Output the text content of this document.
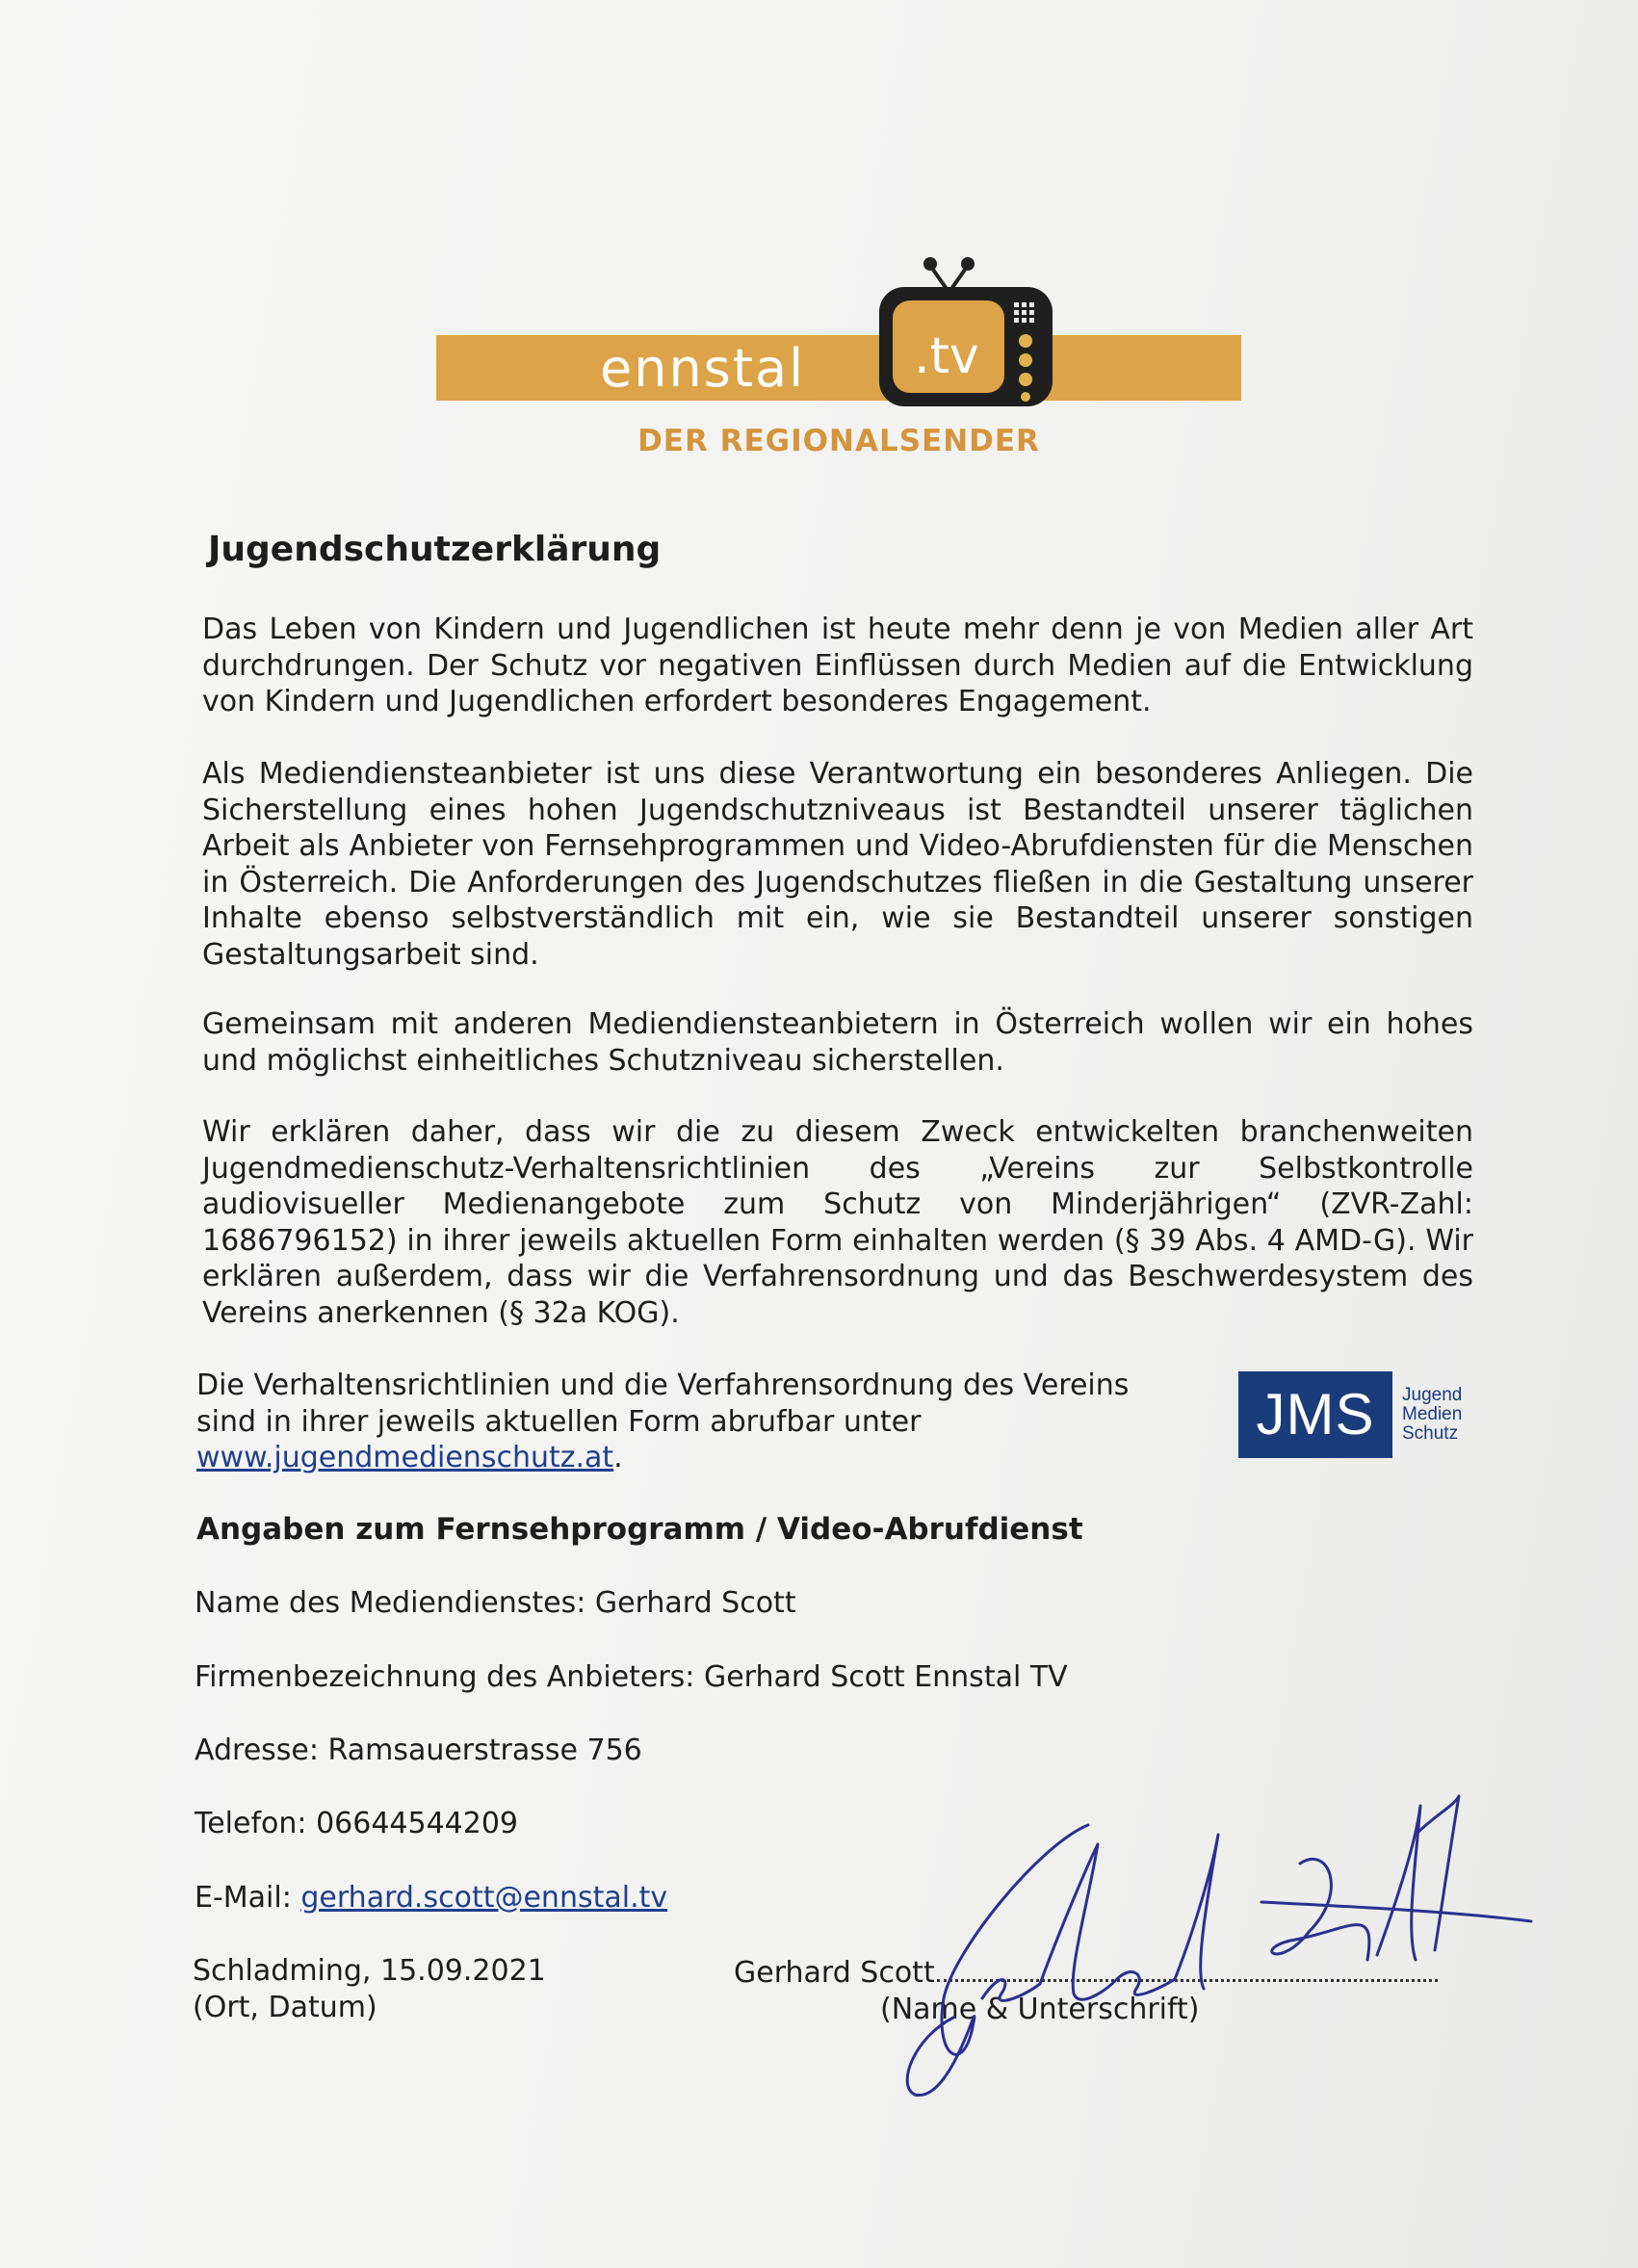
ennstal .tv
DER REGIONALSENDER
Jugendschutzerklärung

Das Leben von Kindern und Jugendlichen ist heute mehr denn je von Medien aller Art durchdrungen. Der Schutz vor negativen Einflüssen durch Medien auf die Entwicklung von Kindern und Jugendlichen erfordert besonderes Engagement.

Als Mediendiensteanbieter ist uns diese Verantwortung ein besonderes Anliegen. Die Sicherstellung eines hohen Jugendschutzniveaus ist Bestandteil unserer täglichen Arbeit als Anbieter von Fernsehprogrammen und Video-Abrufdiensten für die Menschen in Österreich. Die Anforderungen des Jugendschutzes fließen in die Gestaltung unserer Inhalte ebenso selbstverständlich mit ein, wie sie Bestandteil unserer sonstigen Gestaltungsarbeit sind.

Gemeinsam mit anderen Mediendiensteanbietern in Österreich wollen wir ein hohes und möglichst einheitliches Schutzniveau sicherstellen.

Wir erklären daher, dass wir die zu diesem Zweck entwickelten branchenweiten Jugendmedienschutz-Verhaltensrichtlinien des „Vereins zur Selbstkontrolle audiovisueller Medienangebote zum Schutz von Minderjährigen“ (ZVR-Zahl: 1686796152) in ihrer jeweils aktuellen Form einhalten werden (§ 39 Abs. 4 AMD-G). Wir erklären außerdem, dass wir die Verfahrensordnung und das Beschwerdesystem des Vereins anerkennen (§ 32a KOG).

Die Verhaltensrichtlinien und die Verfahrensordnung des Vereins sind in ihrer jeweils aktuellen Form abrufbar unter
www.jugendmedienschutz.at.

JMS	Jugend
Medien
Schutz
Angaben zum Fernsehprogramm / Video-Abrufdienst

Name des Mediendienstes: Gerhard Scott

Firmenbezeichnung des Anbieters: Gerhard Scott Ennstal TV

Adresse: Ramsauerstrasse 756

Telefon: 06644544209

E-Mail: gerhard.scott@ennstal.tv

Schladming, 15.09.2021
(Ort, Datum)
Gerhard Scott
(Name & Unterschrift)
